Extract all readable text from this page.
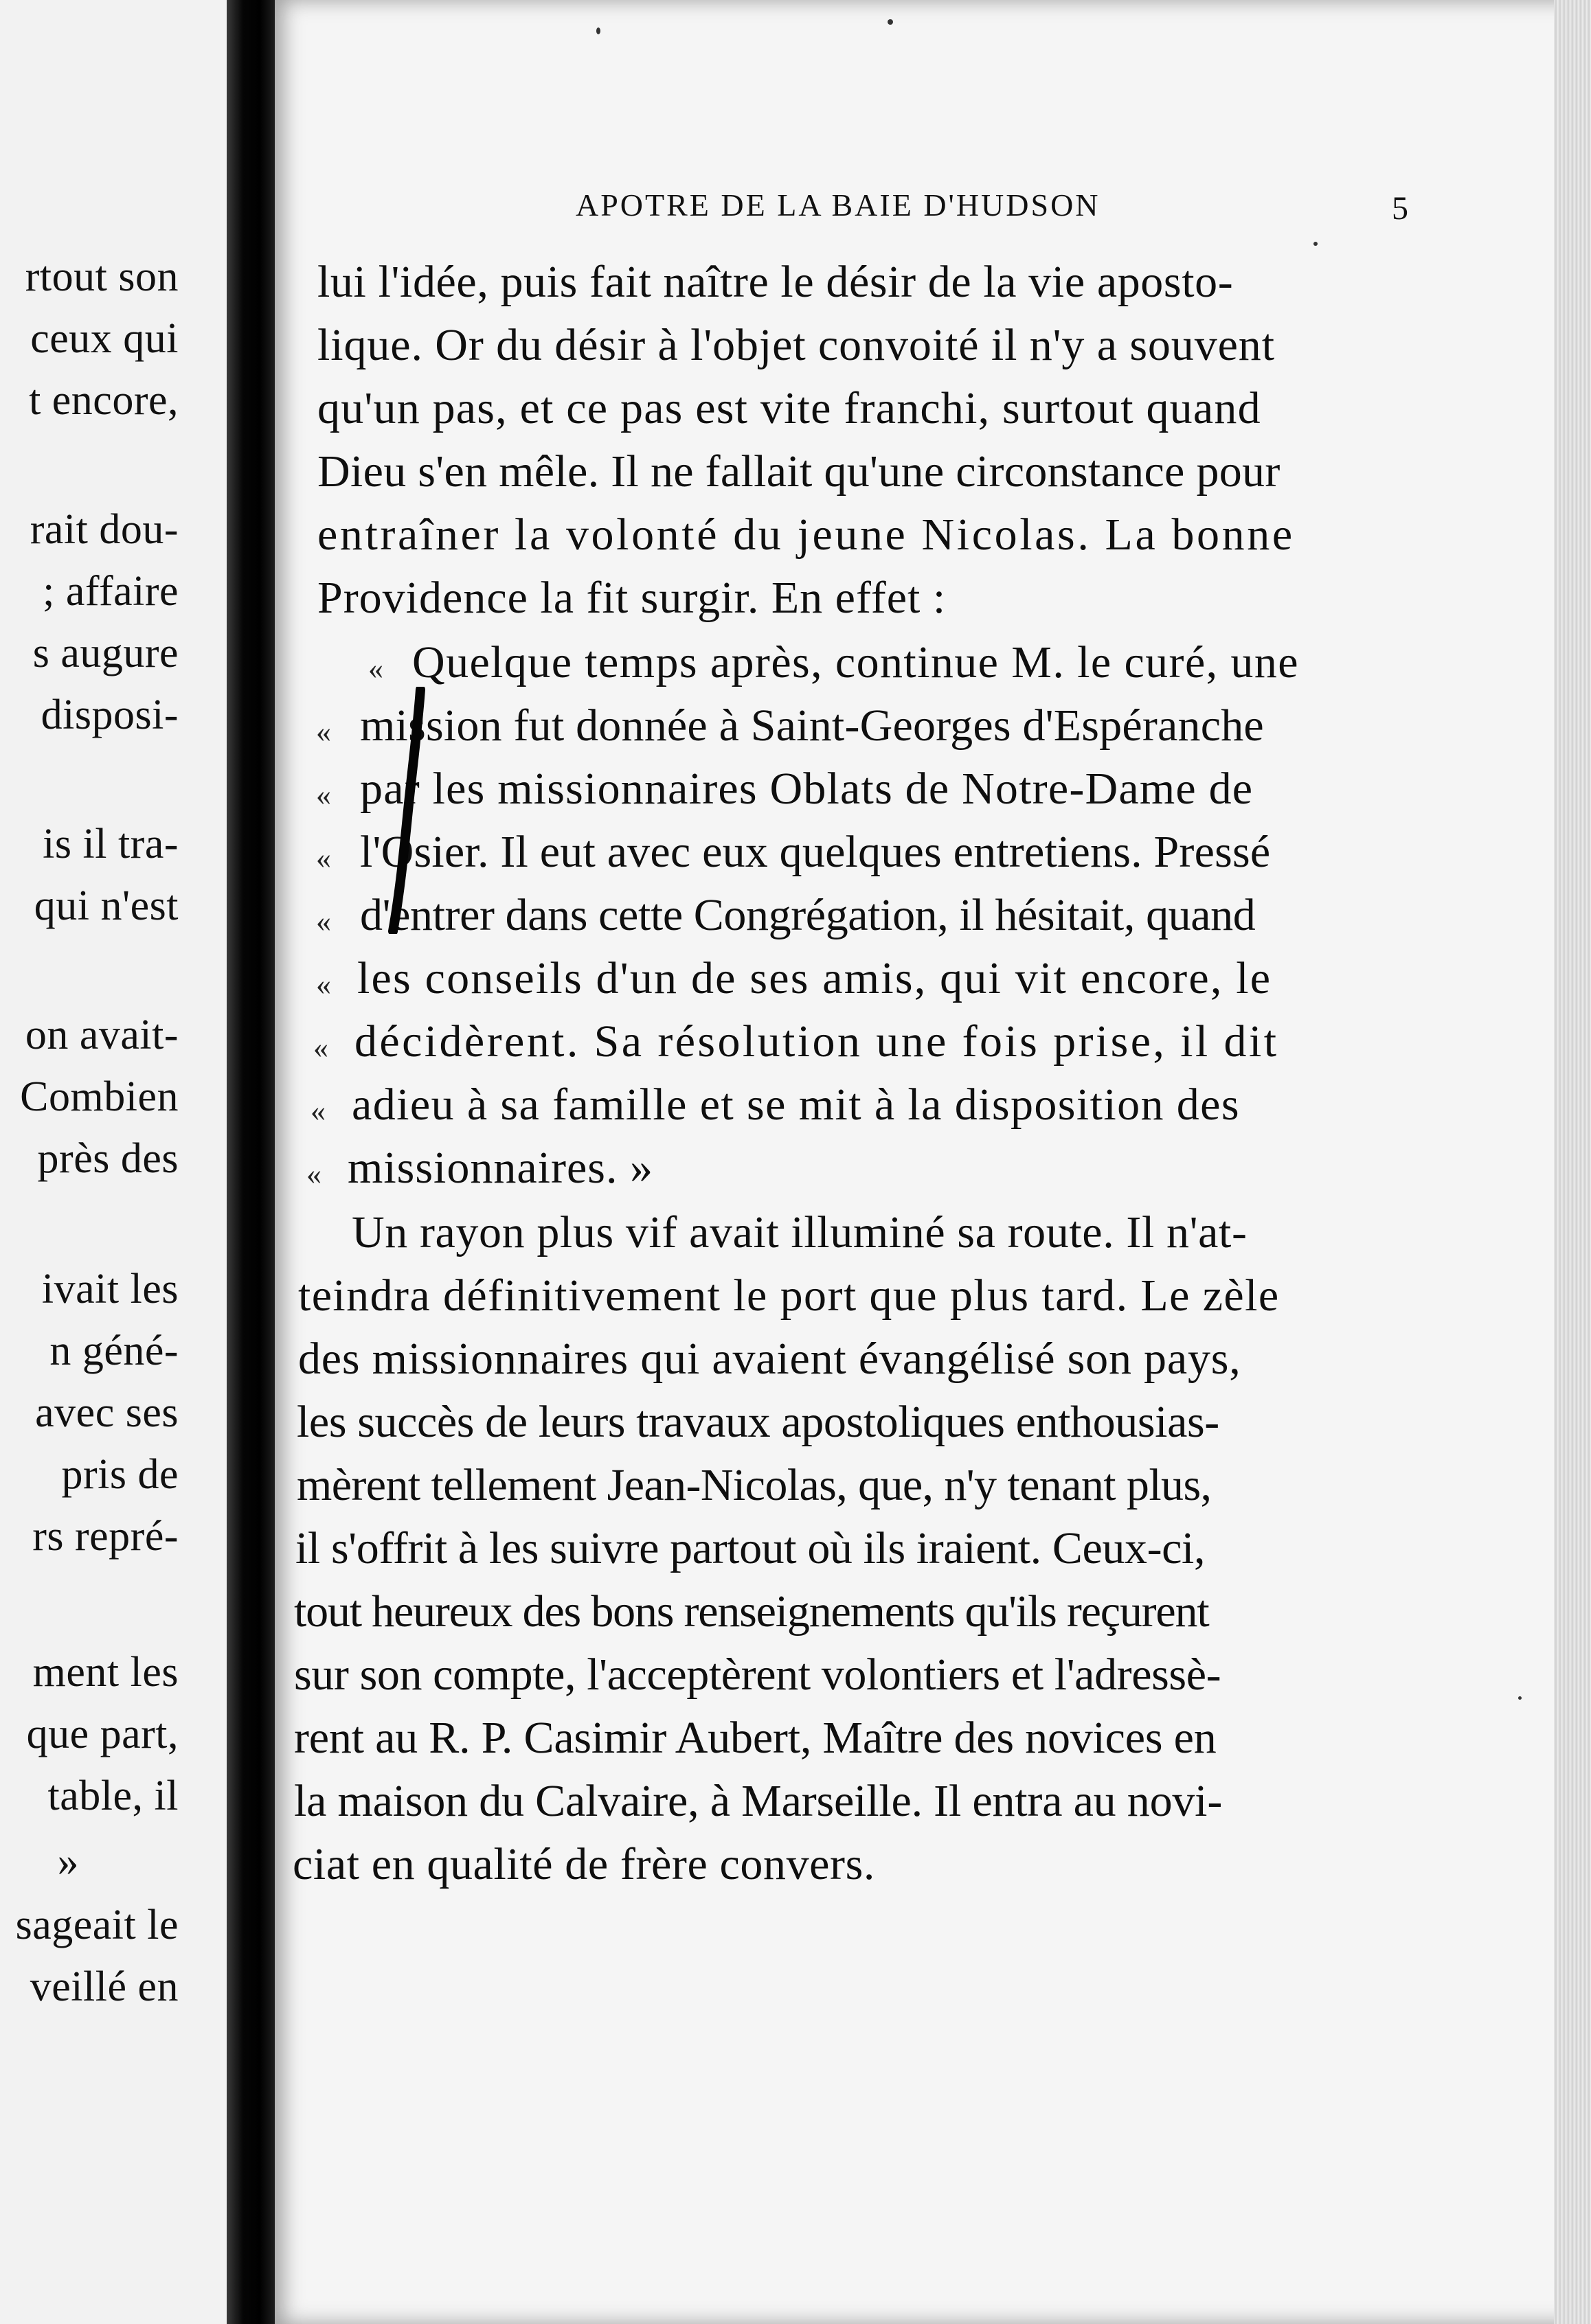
rtout son
ceux qui
t encore,
rait dou-
; affaire
s augure
disposi-
is il tra-
qui n'est
on avait-
Combien
près des
ivait les
n géné-
avec ses
pris de
rs repré-
ment les
que part,
table, il
»
sageait le
veillé en
APOTRE DE LA BAIE D'HUDSON	5
lui l'idée, puis fait naître le désir de la vie aposto-
lique. Or du désir à l'objet convoité il n'y a souvent
qu'un pas, et ce pas est vite franchi, surtout quand
Dieu s'en mêle. Il ne fallait qu'une circonstance pour
entraîner la volonté du jeune Nicolas. La bonne
Providence la fit surgir. En effet :
« Quelque temps après, continue M. le curé, une
« mission fut donnée à Saint-Georges d'Espéranche
« par les missionnaires Oblats de Notre-Dame de
« l'Osier. Il eut avec eux quelques entretiens. Pressé
« d'entrer dans cette Congrégation, il hésitait, quand
« les conseils d'un de ses amis, qui vit encore, le
« décidèrent. Sa résolution une fois prise, il dit
« adieu à sa famille et se mit à la disposition des
« missionnaires. »
Un rayon plus vif avait illuminé sa route. Il n'at-
teindra définitivement le port que plus tard. Le zèle
des missionnaires qui avaient évangélisé son pays,
les succès de leurs travaux apostoliques enthousias-
mèrent tellement Jean-Nicolas, que, n'y tenant plus,
il s'offrit à les suivre partout où ils iraient. Ceux-ci,
tout heureux des bons renseignements qu'ils reçurent
sur son compte, l'acceptèrent volontiers et l'adressè-
rent au R. P. Casimir Aubert, Maître des novices en
la maison du Calvaire, à Marseille. Il entra au novi-
ciat en qualité de frère convers.
